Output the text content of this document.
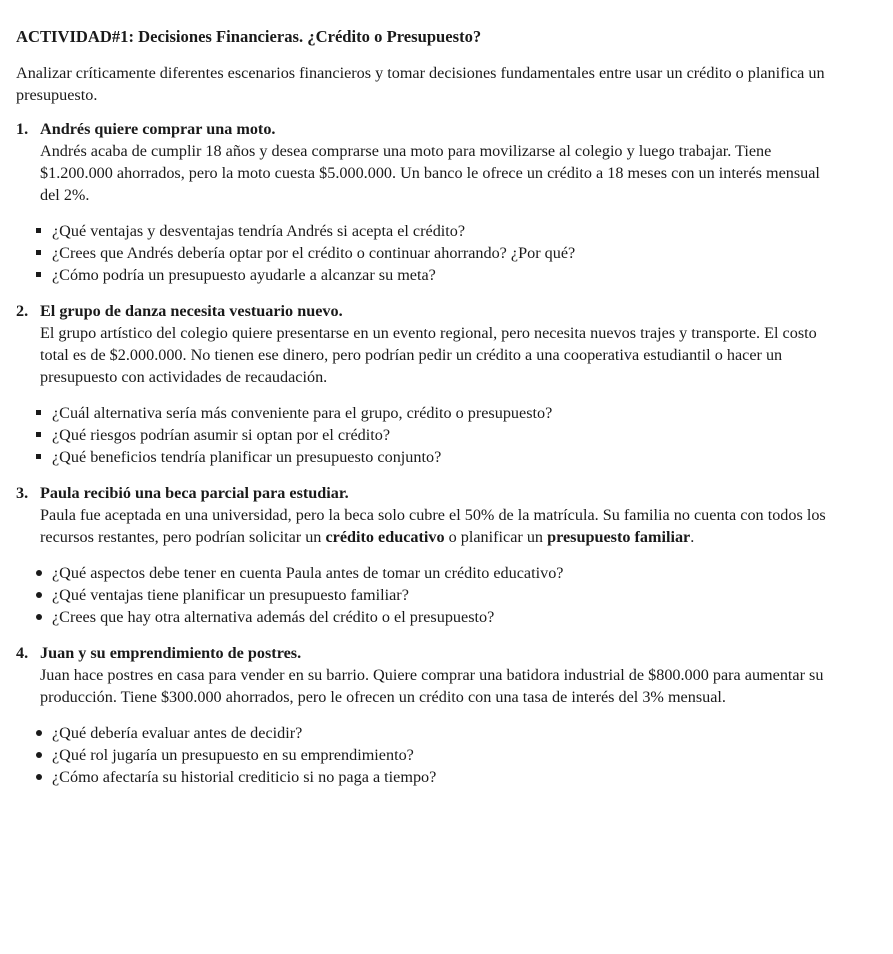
ACTIVIDAD#1: Decisiones Financieras. ¿Crédito o Presupuesto?

Analizar críticamente diferentes escenarios financieros y tomar decisiones fundamentales entre usar un crédito o planifica un presupuesto.

1. Andrés quiere comprar una moto.

Andrés acaba de cumplir 18 años y desea comprarse una moto para movilizarse al colegio y luego trabajar. Tiene $1.200.000 ahorrados, pero la moto cuesta $5.000.000. Un banco le ofrece un crédito a 18 meses con un interés mensual del 2%.

¿Qué ventajas y desventajas tendría Andrés si acepta el crédito?
¿Crees que Andrés debería optar por el crédito o continuar ahorrando? ¿Por qué?
¿Cómo podría un presupuesto ayudarle a alcanzar su meta?
2. El grupo de danza necesita vestuario nuevo.

El grupo artístico del colegio quiere presentarse en un evento regional, pero necesita nuevos trajes y transporte. El costo total es de $2.000.000. No tienen ese dinero, pero podrían pedir un crédito a una cooperativa estudiantil o hacer un presupuesto con actividades de recaudación.

¿Cuál alternativa sería más conveniente para el grupo, crédito o presupuesto?
¿Qué riesgos podrían asumir si optan por el crédito?
¿Qué beneficios tendría planificar un presupuesto conjunto?
3. Paula recibió una beca parcial para estudiar.

Paula fue aceptada en una universidad, pero la beca solo cubre el 50% de la matrícula. Su familia no cuenta con todos los recursos restantes, pero podrían solicitar un crédito educativo o planificar un presupuesto familiar.

¿Qué aspectos debe tener en cuenta Paula antes de tomar un crédito educativo?
¿Qué ventajas tiene planificar un presupuesto familiar?
¿Crees que hay otra alternativa además del crédito o el presupuesto?
4. Juan y su emprendimiento de postres.

Juan hace postres en casa para vender en su barrio. Quiere comprar una batidora industrial de $800.000 para aumentar su producción. Tiene $300.000 ahorrados, pero le ofrecen un crédito con una tasa de interés del 3% mensual.

¿Qué debería evaluar antes de decidir?
¿Qué rol jugaría un presupuesto en su emprendimiento?
¿Cómo afectaría su historial crediticio si no paga a tiempo?
